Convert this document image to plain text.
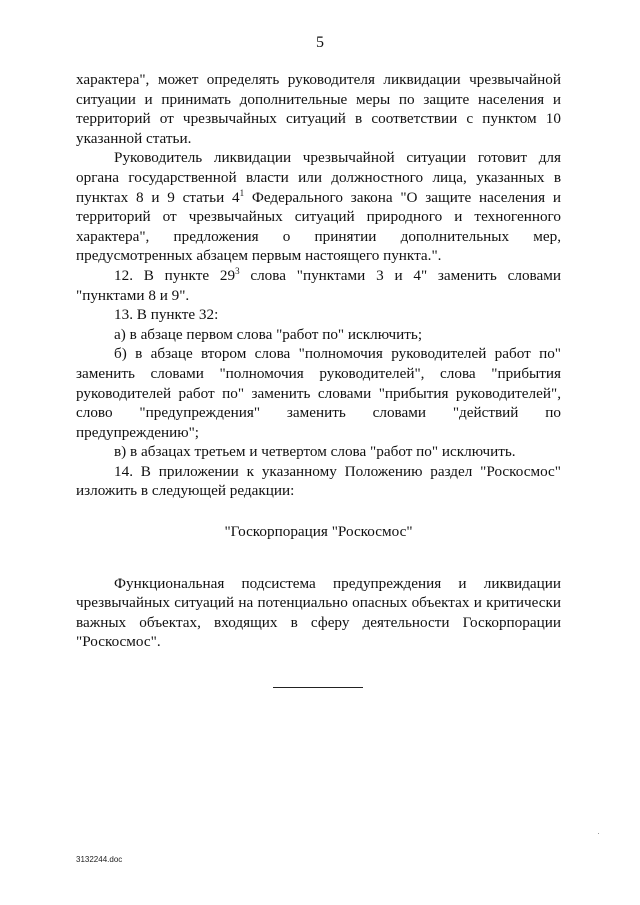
5

характера", может определять руководителя ликвидации чрезвычайной ситуации и принимать дополнительные меры по защите населения и территорий от чрезвычайных ситуаций в соответствии с пунктом 10 указанной статьи.

Руководитель ликвидации чрезвычайной ситуации готовит для органа государственной власти или должностного лица, указанных в пунктах 8 и 9 статьи $4^1$ Федерального закона "О защите населения и территорий от чрезвычайных ситуаций природного и техногенного характера", предложения о принятии дополнительных мер, предусмотренных абзацем первым настоящего пункта.".

12. В пункте $29^3$ слова "пунктами 3 и 4" заменить словами "пунктами 8 и 9".

13. В пункте 32:

а) в абзаце первом слова "работ по" исключить;

б) в абзаце втором слова "полномочия руководителей работ по" заменить словами "полномочия руководителей", слова "прибытия руководителей работ по" заменить словами "прибытия руководителей", слово "предупреждения" заменить словами "действий по предупреждению";

в) в абзацах третьем и четвертом слова "работ по" исключить.

14. В приложении к указанному Положению раздел "Роскосмос" изложить в следующей редакции:

"Госкорпорация "Роскосмос"

Функциональная подсистема предупреждения и ликвидации чрезвычайных ситуаций на потенциально опасных объектах и критически важных объектах, входящих в сферу деятельности Госкорпорации "Роскосмос".

3132244.doc
